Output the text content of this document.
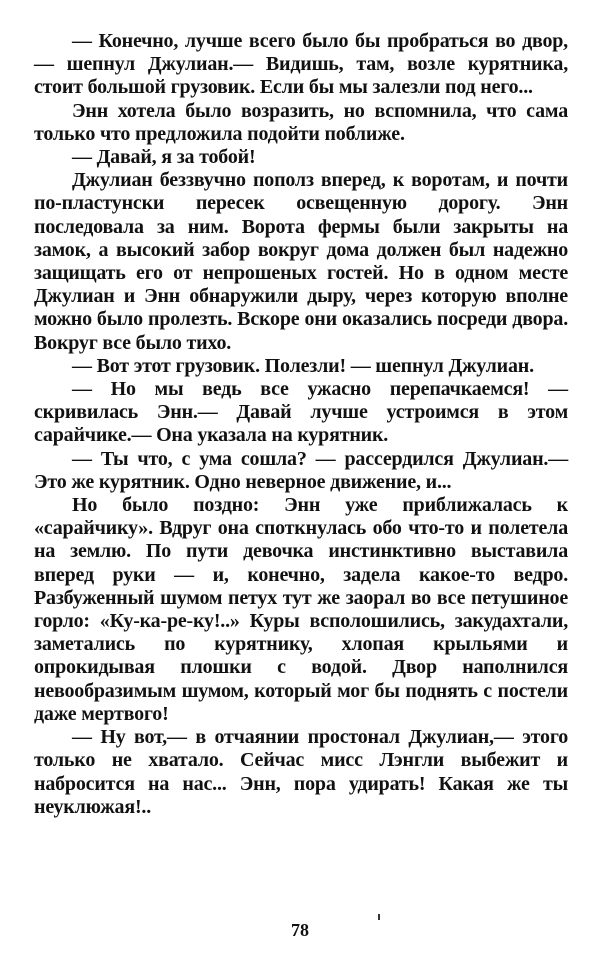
— Конечно, лучше всего было бы пробраться во двор,— шепнул Джулиан.— Видишь, там, возле курятника, стоит большой грузовик. Если бы мы залезли под него...

Энн хотела было возразить, но вспомнила, что сама только что предложила подойти поближе.

— Давай, я за тобой!

Джулиан беззвучно пополз вперед, к воротам, и почти по-пластунски пересек освещенную дорогу. Энн последовала за ним. Ворота фермы были закрыты на замок, а высокий забор вокруг дома должен был надежно защищать его от непрошеных гостей. Но в одном месте Джулиан и Энн обнаружили дыру, через которую вполне можно было пролезть. Вскоре они оказались посреди двора. Вокруг все было тихо.

— Вот этот грузовик. Полезли! — шепнул Джулиан.

— Но мы ведь все ужасно перепачкаемся! — скривилась Энн.— Давай лучше устроимся в этом сарайчике.— Она указала на курятник.

— Ты что, с ума сошла? — рассердился Джулиан.— Это же курятник. Одно неверное движение, и...

Но было поздно: Энн уже приближалась к «сарайчику». Вдруг она споткнулась обо что-то и полетела на землю. По пути девочка инстинктивно выставила вперед руки — и, конечно, задела какое-то ведро. Разбуженный шумом петух тут же заорал во все петушиное горло: «Ку-ка-ре-ку!..» Куры всполошились, закудахтали, заметались по курятнику, хлопая крыльями и опрокидывая плошки с водой. Двор наполнился невообразимым шумом, который мог бы поднять с постели даже мертвого!

— Ну вот,— в отчаянии простонал Джулиан,— этого только не хватало. Сейчас мисс Лэнгли выбежит и набросится на нас... Энн, пора удирать! Какая же ты неуклюжая!..

78
